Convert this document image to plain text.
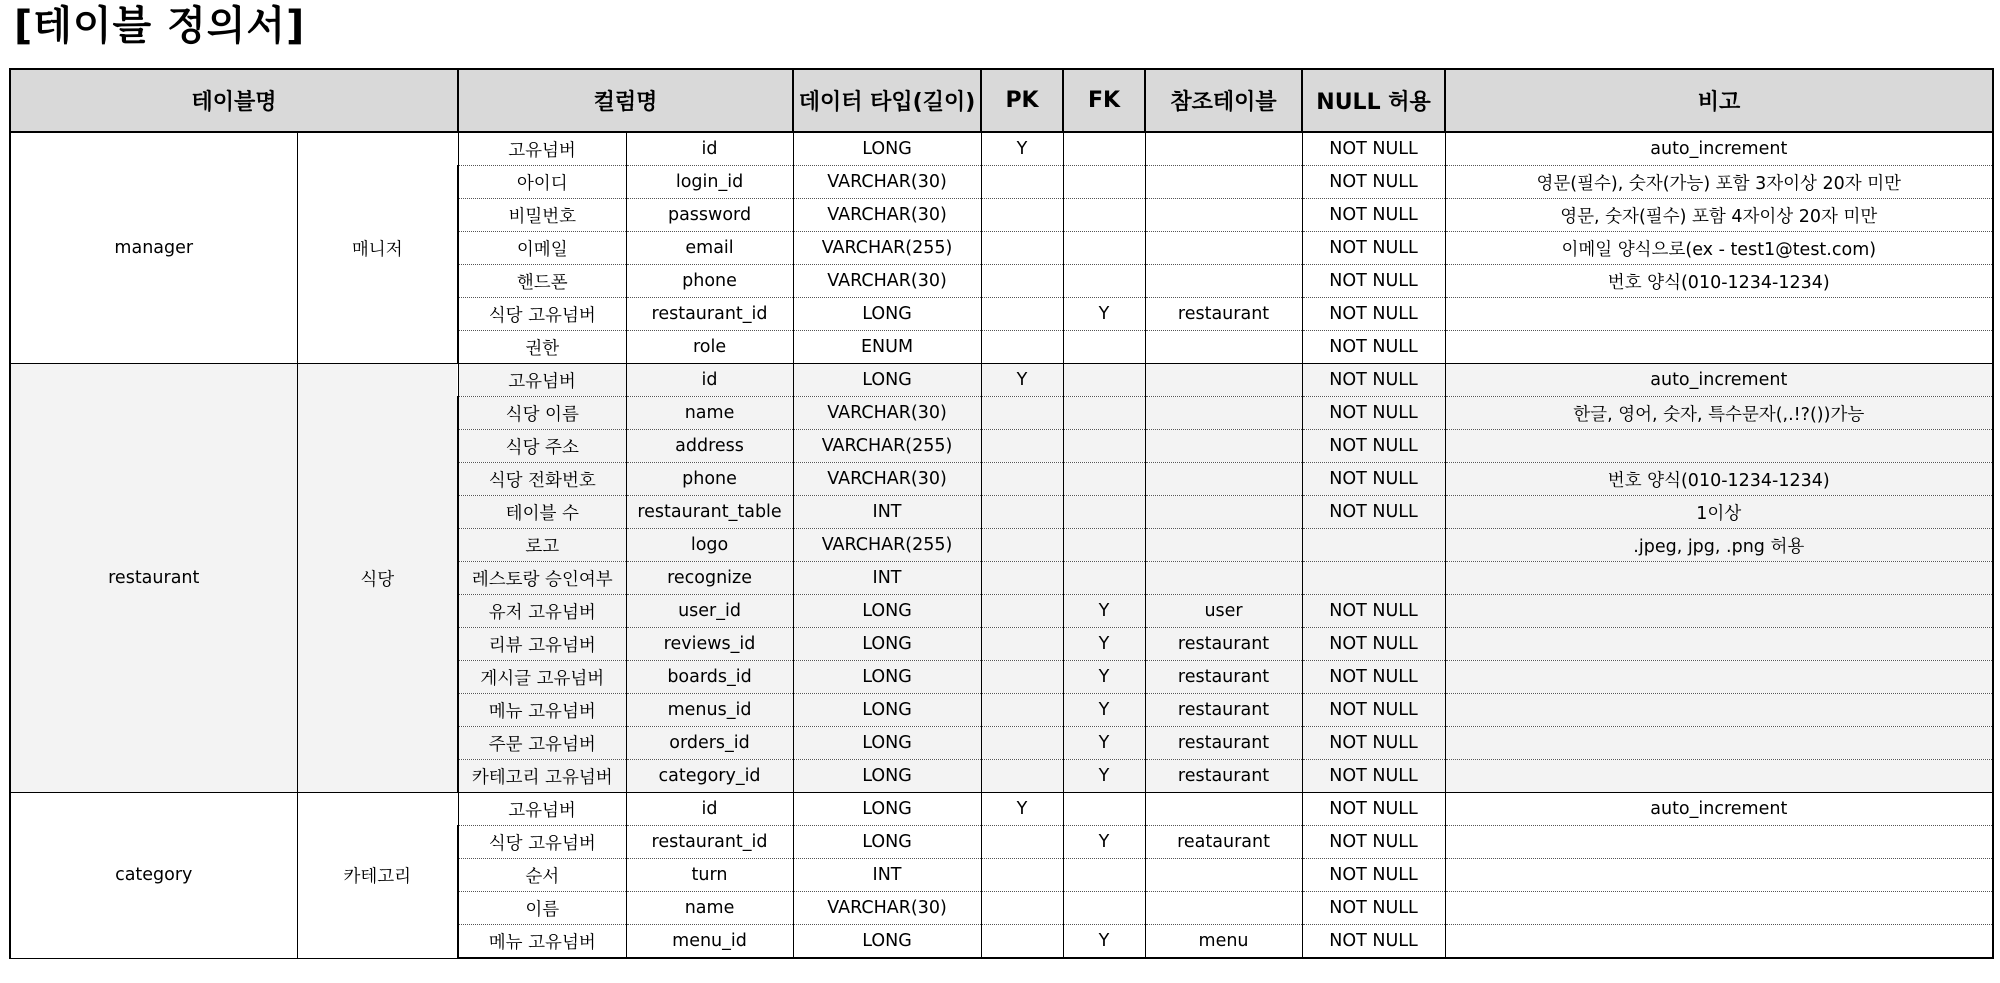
[테이블 정의서]
테이블명		컬럼명		데이터 타입(길이)	PK	FK	참조테이블	NULL 허용	비고
manager	매니저	고유넘버	id	LONG	Y			NOT NULL	auto_increment
		아이디	login_id	VARCHAR(30)				NOT NULL	영문(필수), 숫자(가능) 포함 3자이상 20자 미만
		비밀번호	password	VARCHAR(30)				NOT NULL	영문, 숫자(필수) 포함 4자이상 20자 미만
		이메일	email	VARCHAR(255)				NOT NULL	이메일 양식으로(ex - test1@test.com)
		핸드폰	phone	VARCHAR(30)				NOT NULL	번호 양식(010-1234-1234)
		식당 고유넘버	restaurant_id	LONG		Y	restaurant	NOT NULL	
		권한	role	ENUM				NOT NULL	
restaurant	식당	고유넘버	id	LONG	Y			NOT NULL	auto_increment
		식당 이름	name	VARCHAR(30)				NOT NULL	한글, 영어, 숫자, 특수문자(,.!?())가능
		식당 주소	address	VARCHAR(255)				NOT NULL	
		식당 전화번호	phone	VARCHAR(30)				NOT NULL	번호 양식(010-1234-1234)
		테이블 수	restaurant_table	INT				NOT NULL	1이상
		로고	logo	VARCHAR(255)					.jpeg, jpg, .png 허용
		레스토랑 승인여부	recognize	INT					
		유저 고유넘버	user_id	LONG		Y	user	NOT NULL	
		리뷰 고유넘버	reviews_id	LONG		Y	restaurant	NOT NULL	
		게시글 고유넘버	boards_id	LONG		Y	restaurant	NOT NULL	
		메뉴 고유넘버	menus_id	LONG		Y	restaurant	NOT NULL	
		주문 고유넘버	orders_id	LONG		Y	restaurant	NOT NULL	
		카테고리 고유넘버	category_id	LONG		Y	restaurant	NOT NULL	
category	카테고리	고유넘버	id	LONG	Y			NOT NULL	auto_increment
		식당 고유넘버	restaurant_id	LONG		Y	reataurant	NOT NULL	
		순서	turn	INT				NOT NULL	
		이름	name	VARCHAR(30)				NOT NULL	
		메뉴 고유넘버	menu_id	LONG		Y	menu	NOT NULL	
